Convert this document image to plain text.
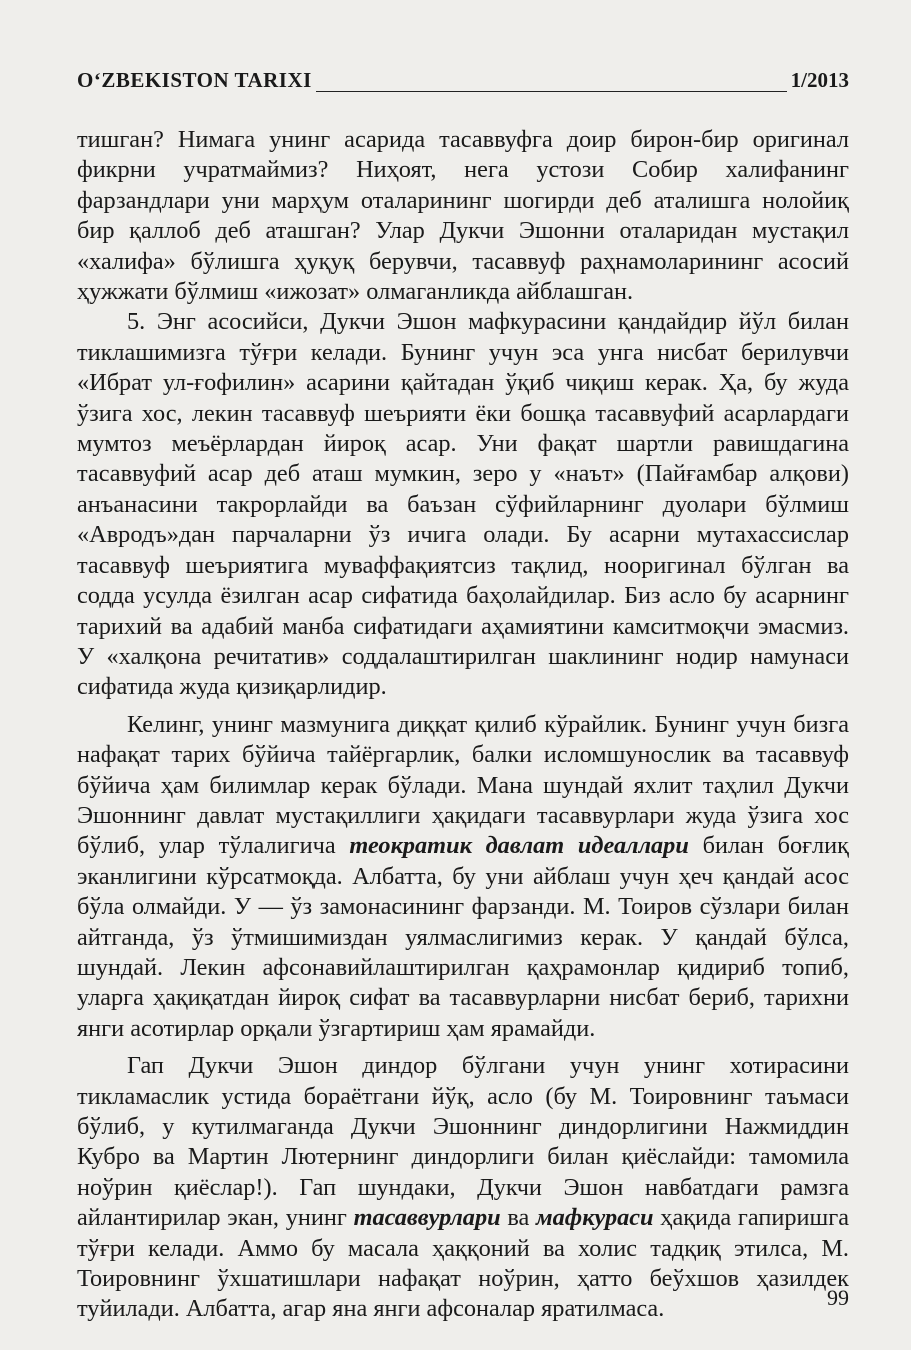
O‘ZBEKISTON TARIXI	1/2013

тишган? Нимага унинг асарида тасаввуфга доир бирон-бир оригинал фикрни учратмаймиз? Ниҳоят, нега устози Собир халифанинг фарзандлари уни марҳум оталарининг шогирди деб аталишга нолойиқ бир қаллоб деб аташган? Улар Дукчи Эшонни оталаридан мустақил «халифа» бўлишга ҳуқуқ берувчи, тасаввуф раҳнамоларининг асосий ҳужжати бўлмиш «ижозат» олмаганликда айблашган.

5. Энг асосийси, Дукчи Эшон мафкурасини қандайдир йўл билан тиклашимизга тўғри келади. Бунинг учун эса унга нисбат берилувчи «Ибрат ул-ғофилин» асарини қайтадан ўқиб чиқиш керак. Ҳа, бу жуда ўзига хос, лекин тасаввуф шеърияти ёки бошқа тасаввуфий асарлардаги мумтоз меъёрлардан йироқ асар. Уни фақат шартли равишдагина тасаввуфий асар деб аташ мумкин, зеро у «наът» (Пайғамбар алқови) анъанасини такрорлайди ва баъзан сўфийларнинг дуолари бўлмиш «Авродъ»дан парчаларни ўз ичига олади. Бу асарни мутахассислар тасаввуф шеъриятига муваффақиятсиз тақлид, нооригинал бўлган ва содда усулда ёзилган асар сифатида баҳолайдилар. Биз асло бу асарнинг тарихий ва адабий манба сифатидаги аҳамиятини камситмоқчи эмасмиз. У «халқона речитатив» соддалаштирилган шаклининг нодир намунаси сифатида жуда қизиқарлидир.

Келинг, унинг мазмунига диққат қилиб кўрайлик. Бунинг учун бизга нафақат тарих бўйича тайёргарлик, балки исломшунослик ва тасаввуф бўйича ҳам билимлар керак бўлади. Мана шундай яхлит таҳлил Дукчи Эшоннинг давлат мустақиллиги ҳақидаги тасаввурлари жуда ўзига хос бўлиб, улар тўлалигича теократик давлат идеаллари билан боғлиқ эканлигини кўрсатмоқда. Албатта, бу уни айблаш учун ҳеч қандай асос бўла олмайди. У — ўз замонасининг фарзанди. М. Тоиров сўзлари билан айтганда, ўз ўтмишимиздан уялмаслигимиз керак. У қандай бўлса, шундай. Лекин афсонавийлаштирилган қаҳрамонлар қидириб топиб, уларга ҳақиқатдан йироқ сифат ва тасаввурларни нисбат бериб, тарихни янги асотирлар орқали ўзгартириш ҳам ярамайди.

Гап Дукчи Эшон диндор бўлгани учун унинг хотирасини тикламаслик устида бораётгани йўқ, асло (бу М. Тоировнинг таъмаси бўлиб, у кутилмаганда Дукчи Эшоннинг диндорлигини Нажмиддин Кубро ва Мартин Лютернинг диндорлиги билан қиёслайди: тамомила ноўрин қиёслар!). Гап шундаки, Дукчи Эшон навбатдаги рамзга айлантирилар экан, унинг тасаввурлари ва мафкураси ҳақида гапиришга тўғри келади. Аммо бу масала ҳаққоний ва холис тадқиқ этилса, М. Тоировнинг ўхшатишлари нафақат ноўрин, ҳатто беўхшов ҳазилдек туйилади. Албатта, агар яна янги афсоналар яратилмаса.	99
